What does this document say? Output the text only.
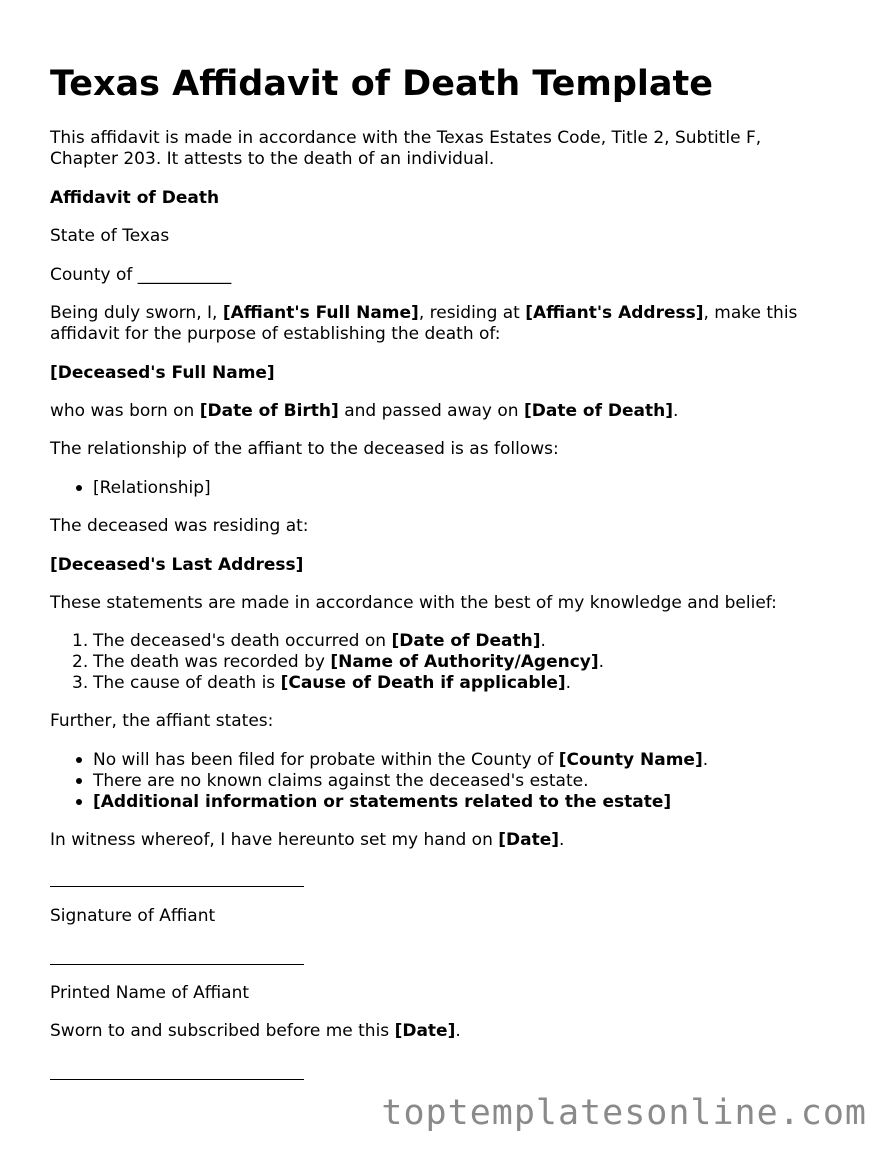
Texas Affidavit of Death Template

This affidavit is made in accordance with the Texas Estates Code, Title 2, Subtitle F,

Chapter 203. It attests to the death of an individual.

Affidavit of Death

State of Texas

County of ___________

Being duly sworn, I, [Affiant's Full Name], residing at [Affiant's Address], make this

affidavit for the purpose of establishing the death of:

[Deceased's Full Name]

who was born on [Date of Birth] and passed away on [Date of Death].

The relationship of the affiant to the deceased is as follows:

[Relationship]

The deceased was residing at:

[Deceased's Last Address]

These statements are made in accordance with the best of my knowledge and belief:

1. The deceased's death occurred on [Date of Death].
2. The death was recorded by [Name of Authority/Agency].
3. The cause of death is [Cause of Death if applicable].

Further, the affiant states:

No will has been filed for probate within the County of [County Name].
There are no known claims against the deceased's estate.
[Additional information or statements related to the estate]

In witness whereof, I have hereunto set my hand on [Date].

Signature of Affiant

Printed Name of Affiant

Sworn to and subscribed before me this [Date].

toptemplatesonline.com
